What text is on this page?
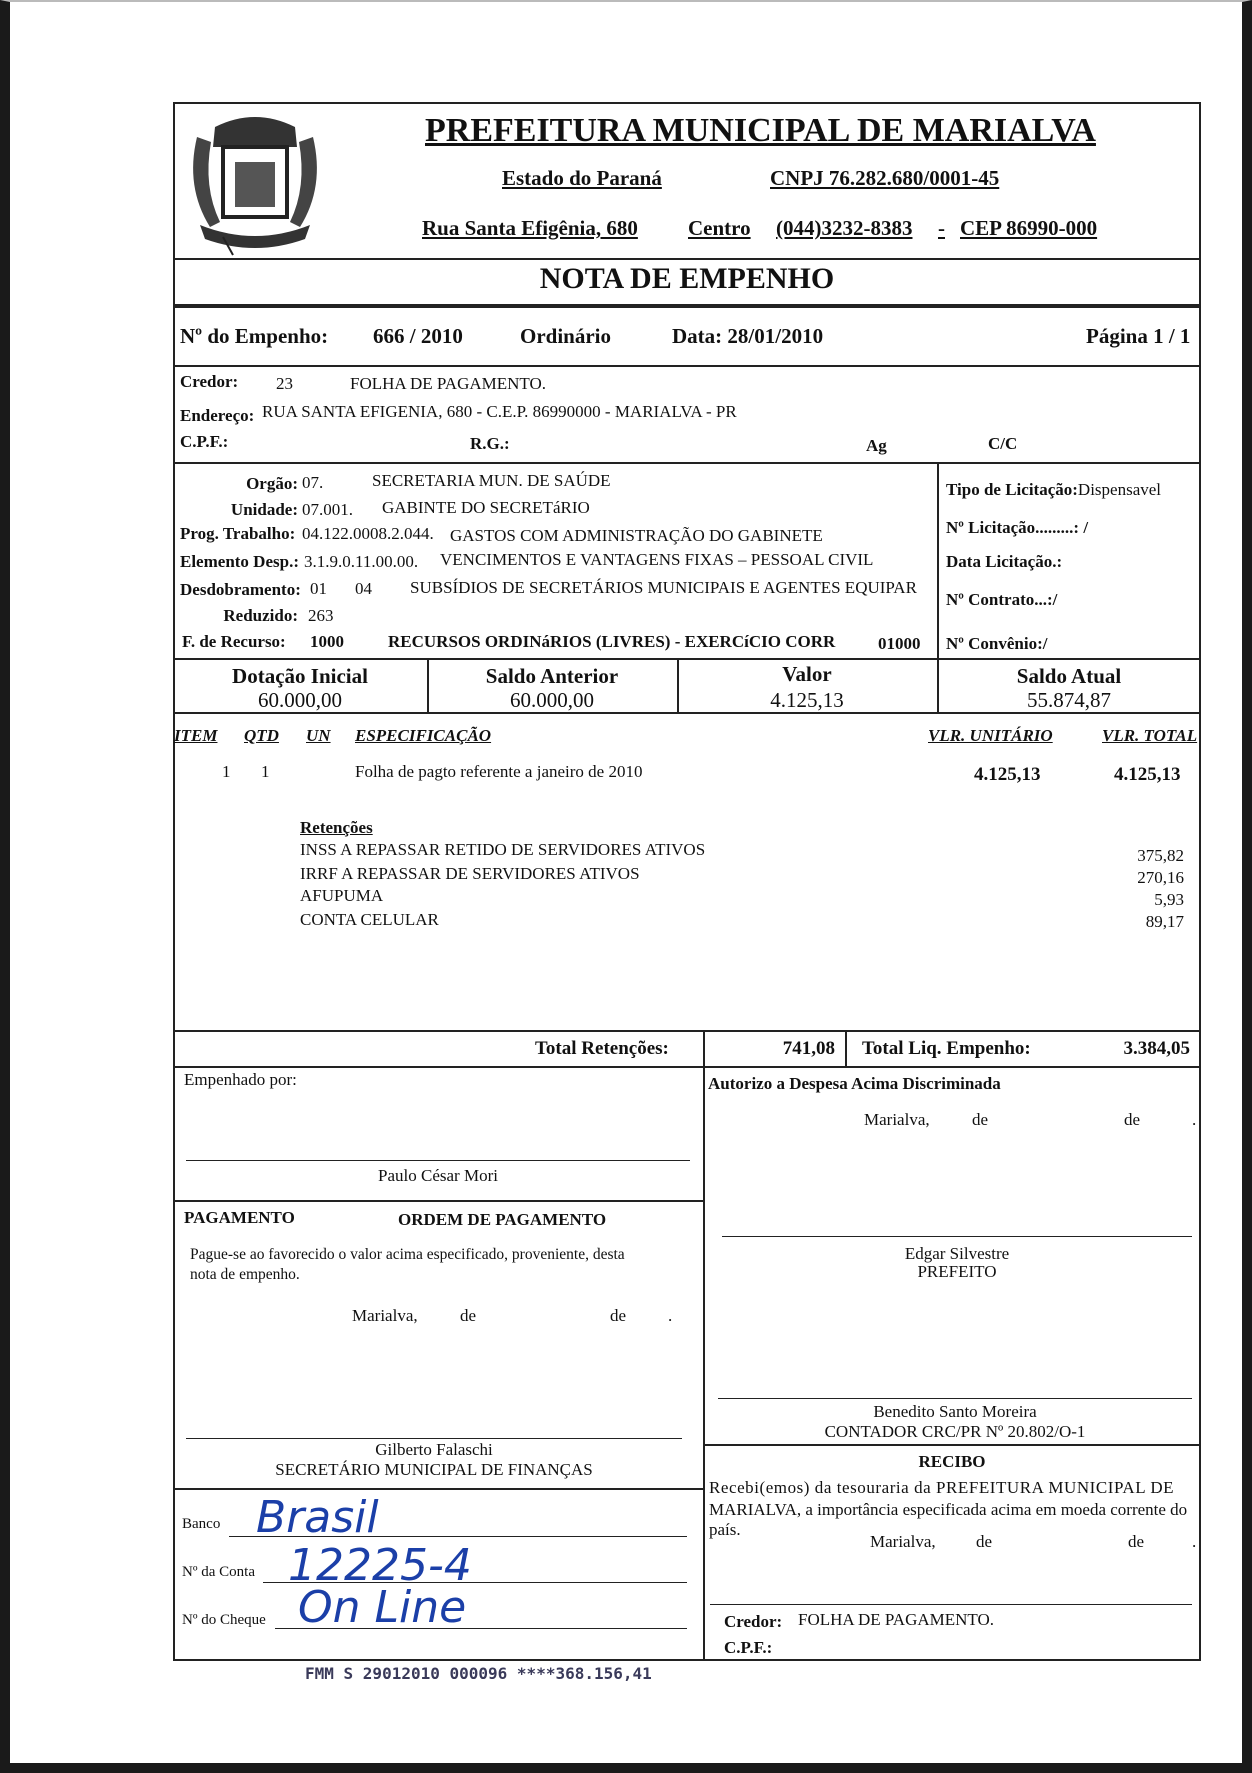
PREFEITURA MUNICIPAL DE MARIALVA
Estado do Paraná	CNPJ 76.282.680/0001-45
Rua Santa Efigênia, 680 Centro (044)3232-8383 - CEP 86990-000
NOTA DE EMPENHO
Nº do Empenho: 666 / 2010	Ordinário	Data: 28/01/2010	Página 1 / 1
Credor: 23	FOLHA DE PAGAMENTO.
Endereço: RUA SANTA EFIGENIA, 680 - C.E.P. 86990000 - MARIALVA - PR
C.P.F.:	R.G.:	Ag	C/C
Orgão: 07.	SECRETARIA MUN. DE SAÚDE
Unidade: 07.001. GABINTE DO SECRETáRIO
Prog. Trabalho: 04.122.0008.2.044. GASTOS COM ADMINISTRAÇÃO DO GABINETE
Elemento Desp.: 3.1.9.0.11.00.00. VENCIMENTOS E VANTAGENS FIXAS – PESSOAL CIVIL
Desdobramento: 01 04 SUBSÍDIOS DE SECRETÁRIOS MUNICIPAIS E AGENTES EQUIPAR
Reduzido: 263
F. de Recurso: 1000	RECURSOS ORDINáRIOS (LIVRES) - EXERCíCIO CORR	01000
Tipo de Licitação:Dispensavel
Nº Licitação.........: /
Data Licitação.:
Nº Contrato...:/
Nº Convênio:/
Dotação Inicial
60.000,00
Saldo Anterior
60.000,00
Valor
4.125,13
Saldo Atual
55.874,87
ITEM QTD UN ESPECIFICAÇÃO	VLR. UNITÁRIO	VLR. TOTAL
1 1	Folha de pagto referente a janeiro de 2010	4.125,13	4.125,13
Retenções
INSS A REPASSAR RETIDO DE SERVIDORES ATIVOS	375,82
IRRF A REPASSAR DE SERVIDORES ATIVOS	270,16
AFUPUMA	5,93
CONTA CELULAR	89,17
Total Retenções:	741,08 Total Liq. Empenho:	3.384,05
Empenhado por:
Paulo César Mori
PAGAMENTO	ORDEM DE PAGAMENTO
Pague-se ao favorecido o valor acima especificado, proveniente, desta
nota de empenho.
Marialva, de	de .
Gilberto Falaschi
SECRETÁRIO MUNICIPAL DE FINANÇAS
Banco Brasil
Nº da Conta 12225-4
Nº do Cheque On Line
Autorizo a Despesa Acima Discriminada
Marialva, de	de	.
Edgar Silvestre
PREFEITO
Benedito Santo Moreira
CONTADOR CRC/PR Nº 20.802/O-1
RECIBO
Recebi(emos) da tesouraria da PREFEITURA MUNICIPAL DE
MARIALVA, a importância especificada acima em moeda corrente do
país.
Marialva, de	de	.
Credor: FOLHA DE PAGAMENTO.
C.P.F.:
FMM S 29012010 000096 ****368.156,41
